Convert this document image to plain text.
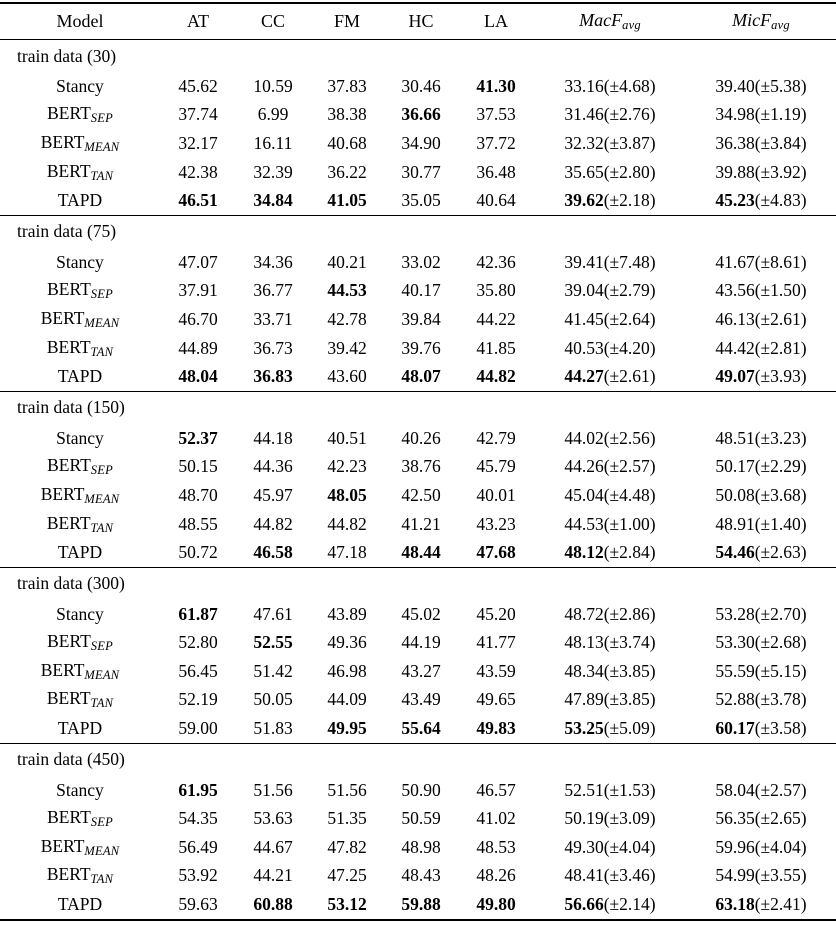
Model	AT	CC	FM	HC	LA	MacF$_{avg}$	MicF$_{avg}$
train data (30)							
Stancy	45.62	10.59	37.83	30.46	41.30	33.16(±4.68)	39.40(±5.38)
$BERT_{SEP}$	37.74	6.99	38.38	36.66	37.53	31.46(±2.76)	34.98(±1.19)
$BERT_{MEAN}$	32.17	16.11	40.68	34.90	37.72	32.32(±3.87)	36.38(±3.84)
$BERT_{TAN}$	42.38	32.39	36.22	30.77	36.48	35.65(±2.80)	39.88(±3.92)
TAPD	46.51	34.84	41.05	35.05	40.64	39.62(±2.18)	45.23(±4.83)
train data (75)							
Stancy	47.07	34.36	40.21	33.02	42.36	39.41(±7.48)	41.67(±8.61)
$BERT_{SEP}$	37.91	36.77	44.53	40.17	35.80	39.04(±2.79)	43.56(±1.50)
$BERT_{MEAN}$	46.70	33.71	42.78	39.84	44.22	41.45(±2.64)	46.13(±2.61)
$BERT_{TAN}$	44.89	36.73	39.42	39.76	41.85	40.53(±4.20)	44.42(±2.81)
TAPD	48.04	36.83	43.60	48.07	44.82	44.27(±2.61)	49.07(±3.93)
train data (150)							
Stancy	52.37	44.18	40.51	40.26	42.79	44.02(±2.56)	48.51(±3.23)
$BERT_{SEP}$	50.15	44.36	42.23	38.76	45.79	44.26(±2.57)	50.17(±2.29)
$BERT_{MEAN}$	48.70	45.97	48.05	42.50	40.01	45.04(±4.48)	50.08(±3.68)
$BERT_{TAN}$	48.55	44.82	44.82	41.21	43.23	44.53(±1.00)	48.91(±1.40)
TAPD	50.72	46.58	47.18	48.44	47.68	48.12(±2.84)	54.46(±2.63)
train data (300)							
Stancy	61.87	47.61	43.89	45.02	45.20	48.72(±2.86)	53.28(±2.70)
$BERT_{SEP}$	52.80	52.55	49.36	44.19	41.77	48.13(±3.74)	53.30(±2.68)
$BERT_{MEAN}$	56.45	51.42	46.98	43.27	43.59	48.34(±3.85)	55.59(±5.15)
$BERT_{TAN}$	52.19	50.05	44.09	43.49	49.65	47.89(±3.85)	52.88(±3.78)
TAPD	59.00	51.83	49.95	55.64	49.83	53.25(±5.09)	60.17(±3.58)
train data (450)							
Stancy	61.95	51.56	51.56	50.90	46.57	52.51(±1.53)	58.04(±2.57)
$BERT_{SEP}$	54.35	53.63	51.35	50.59	41.02	50.19(±3.09)	56.35(±2.65)
$BERT_{MEAN}$	56.49	44.67	47.82	48.98	48.53	49.30(±4.04)	59.96(±4.04)
$BERT_{TAN}$	53.92	44.21	47.25	48.43	48.26	48.41(±3.46)	54.99(±3.55)
TAPD	59.63	60.88	53.12	59.88	49.80	56.66(±2.14)	63.18(±2.41)
